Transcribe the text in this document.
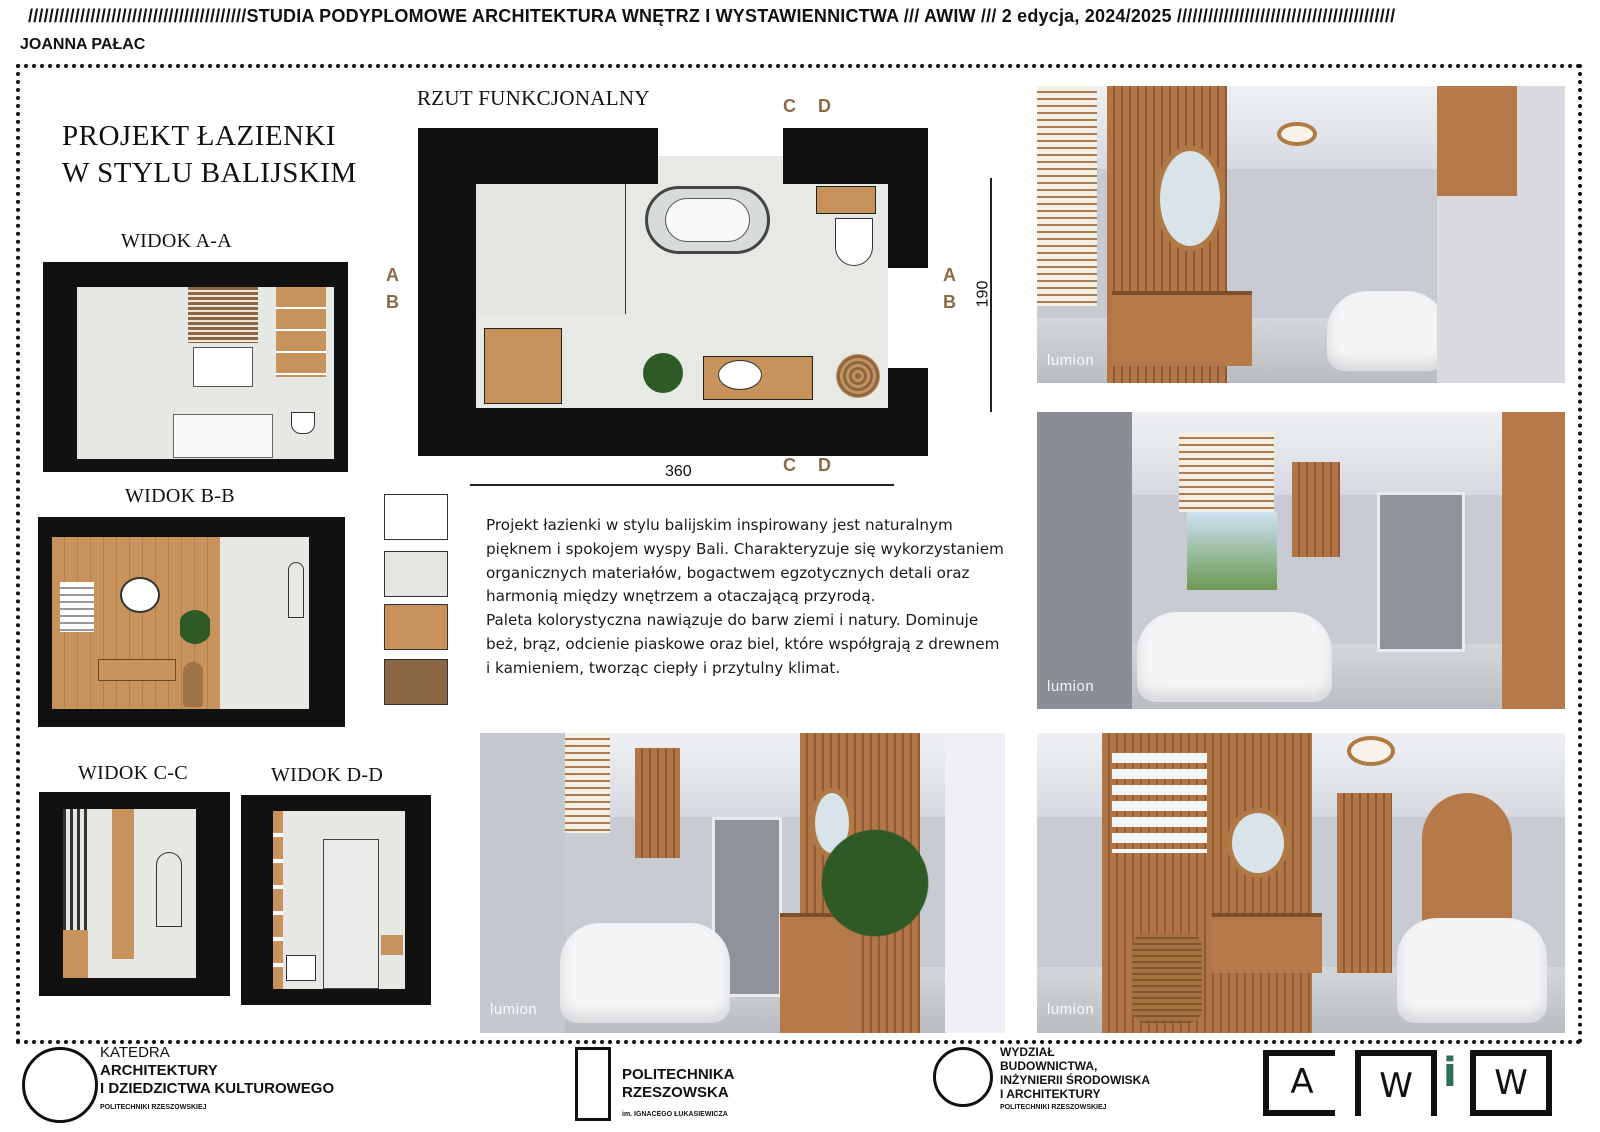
//////////////////////////////////////////STUDIA PODYPLOMOWE ARCHITEKTURA WNĘTRZ I WYSTAWIENNICTWA /// AWIW /// 2 edycja, 2024/2025 //////////////////////////////////////////
JOANNA PAŁAC
PROJEKT ŁAZIENKI
W STYLU BALIJSKIM
WIDOK A-A
WIDOK B-B
WIDOK C-C	WIDOK D-D
RZUT FUNKCJONALNY	C D
C D
A
B
A
B
360
190
Projekt łazienki w stylu balijskim inspirowany jest naturalnym pięknem i spokojem wyspy Bali. Charakteryzuje się wykorzystaniem organicznych materiałów, bogactwem egzotycznych detali oraz harmonią między wnętrzem a otaczającą przyrodą.
Paleta kolorystyczna nawiązuje do barw ziemi i natury. Dominuje beż, brąz, odcienie piaskowe oraz biel, które współgrają z drewnem i kamieniem, tworząc ciepły i przytulny klimat.
lumion
lumion
lumion	lumion
KATEDRA
ARCHITEKTURY
I DZIEDZICTWA KULTUROWEGO
POLITECHNIKI RZESZOWSKIEJ
POLITECHNIKA
RZESZOWSKA
im. IGNACEGO ŁUKASIEWICZA
WYDZIAŁ
BUDOWNICTWA,
INŻYNIERII ŚRODOWISKA
I ARCHITEKTURY
POLITECHNIKI RZESZOWSKIEJ
A	W i	W
